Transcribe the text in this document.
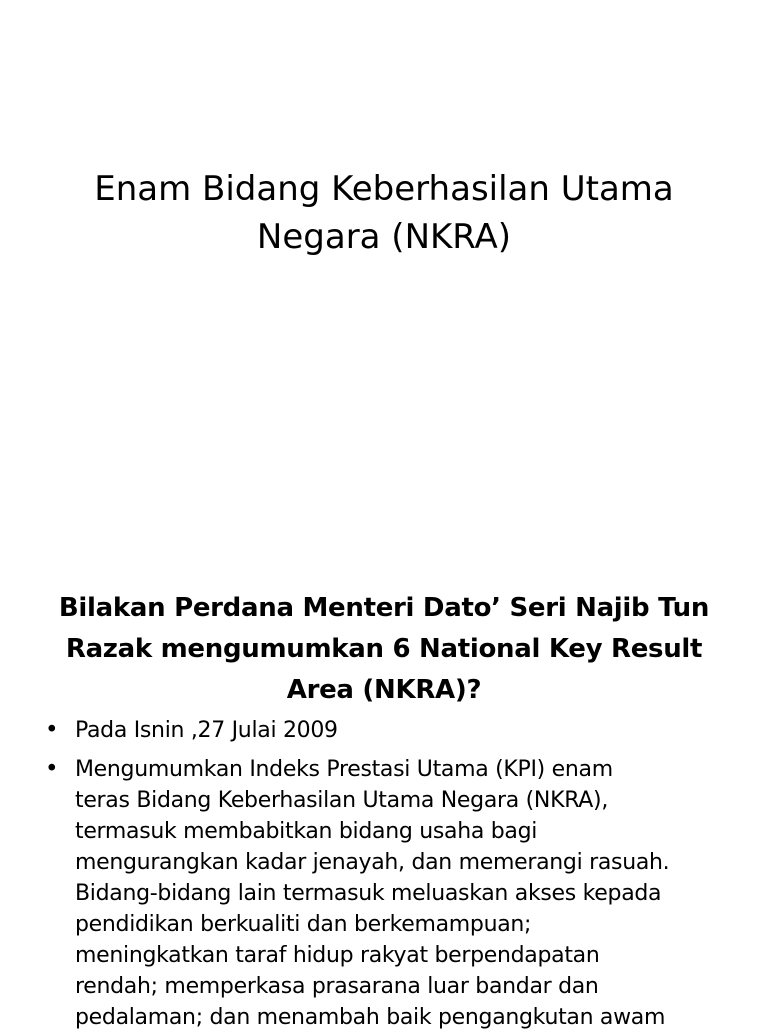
Enam Bidang Keberhasilan Utama
Negara (NKRA)
Bilakan Perdana Menteri Dato’ Seri Najib Tun
Razak mengumumkan 6 National Key Result
Area (NKRA)?
• Pada Isnin ,27 Julai 2009
• Mengumumkan Indeks Prestasi Utama (KPI) enam
teras Bidang Keberhasilan Utama Negara (NKRA),
termasuk membabitkan bidang usaha bagi
mengurangkan kadar jenayah, dan memerangi rasuah.
Bidang-bidang lain termasuk meluaskan akses kepada
pendidikan berkualiti dan berkemampuan;
meningkatkan taraf hidup rakyat berpendapatan
rendah; memperkasa prasarana luar bandar dan
pedalaman; dan menambah baik pengangkutan awam
